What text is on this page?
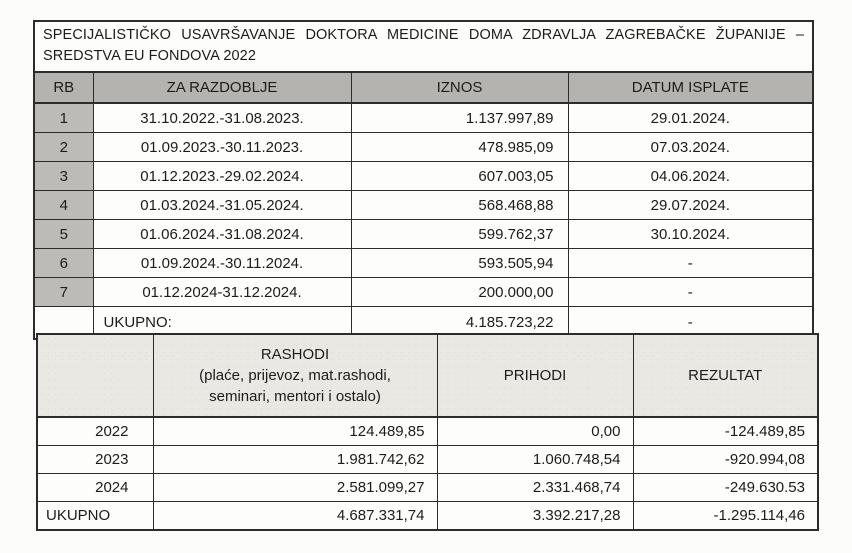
SPECIJALISTIČKO USAVRŠAVANJE DOKTORA MEDICINE DOMA ZDRAVLJA ZAGREBAČKE ŽUPANIJE –
SREDSTVA EU FONDOVA 2022			

RB	ZA RAZDOBLJE	IZNOS	DATUM ISPLATE
1	31.10.2022.-31.08.2023.	1.137.997,89	29.01.2024.
2	01.09.2023.-30.11.2023.	478.985,09	07.03.2024.
3	01.12.2023.-29.02.2024.	607.003,05	04.06.2024.
4	01.03.2024.-31.05.2024.	568.468,88	29.07.2024.
5	01.06.2024.-31.08.2024.	599.762,37	30.10.2024.
6	01.09.2024.-30.11.2024.	593.505,94	-
7	01.12.2024-31.12.2024.	200.000,00	-
	UKUPNO:	4.185.723,22	-

	RASHODI
(plaće, prijevoz, mat.rashodi,
seminari, mentori i ostalo)	PRIHODI	REZULTAT
2022	124.489,85	0,00	-124.489,85
2023	1.981.742,62	1.060.748,54	-920.994,08
2024	2.581.099,27	2.331.468,74	-249.630.53
UKUPNO	4.687.331,74	3.392.217,28	-1.295.114,46
